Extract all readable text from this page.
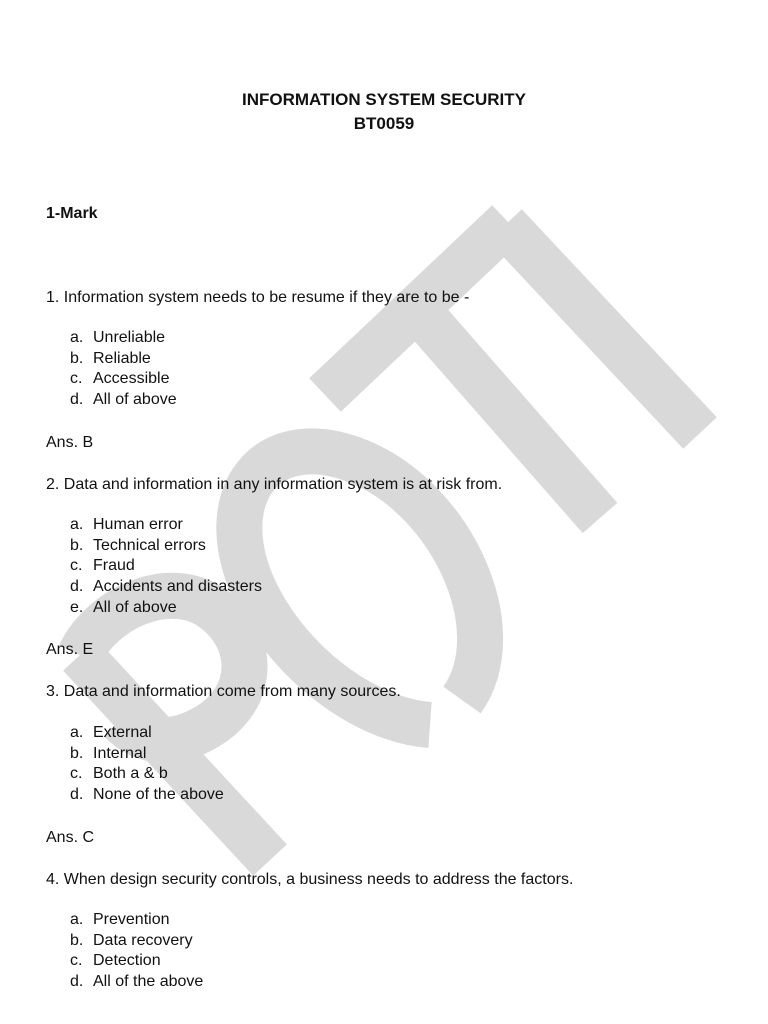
INFORMATION SYSTEM SECURITY
BT0059
1-Mark
1. Information system needs to be resume if they are to be -
a. Unreliable
b. Reliable
c. Accessible
d. All of above
Ans. B
2. Data and information in any information system is at risk from.
a. Human error
b. Technical errors
c. Fraud
d. Accidents and disasters
e. All of above
Ans. E
3. Data and information come from many sources.
a. External
b. Internal
c. Both a & b
d. None of the above
Ans. C
4. When design security controls, a business needs to address the factors.
a. Prevention
b. Data recovery
c. Detection
d. All of the above
